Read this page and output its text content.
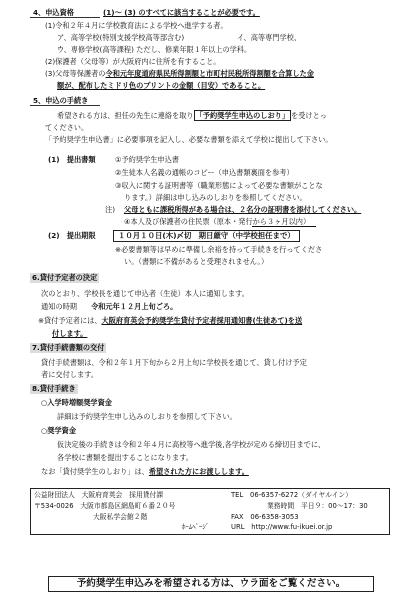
4、申込資格	(1)～ (3) のすべてに該当することが必要です。
(1)令和２年４月に学校教育法による学校へ進学する者。
ア、高等学校(特別支援学校高等部含む)	イ、高等専門学校、
ウ、専修学校(高等課程) ただし、修業年限１年以上の学科。
(2)保護者（父母等）が大阪府内に住所を有すること。
(3)父母等保護者の令和元年度道府県民所得割額と市町村民税所得割額を合算した金
額が、配布したミドリ色のプリントの金額（目安）であること。
5、申込の手続き
希望される方は、担任の先生に連絡を取り 「予約奨学生申込のしおり」 を受けとっ
てください。
「予約奨学生申込書」に必要事項を記入し、必要な書類を添えて学校に提出して下さい。
(1)　提出書類	①予約奨学生申込書
②生徒本人名義の通帳のコピー（申込書類裏面を参考）
③収入に関する証明書等（職業形態によって必要な書類がことな
ります。）詳細は申し込みのしおりを参照してください。
注) 父母ともに課税所得がある場合は、２名分の証明書を添付してください。
④本人及び保護者の住民票（原本・発行から３ヶ月以内）
(2)　提出期限	１０月１０日(木)〆切　期日厳守（中学校担任まで）
※必要書類等は早めに準備し余裕を持って手続きを行ってくださ
い。（書類に不備があると受理されません。）
6.貸付予定者の決定
次のとおり、学校長を通じて申込者（生徒）本人に通知します。
通知の時期 令和元年１２月上旬ごろ。
※貸付予定者には、大阪府育英会予約奨学生貸付予定者採用通知書(生徒あて)を送
付します。
7.貸付手続書類の交付
貸付手続書類は、令和２年１月下旬から２月上旬に学校長を通じて、貸し付け予定
者に交付します。
8.貸付手続き
○入学時増額奨学資金
詳細は予約奨学生申し込みのしおりを参照して下さい。
○奨学資金
仮決定後の手続きは令和２年４月に高校等へ進学後,各学校が定める締切日までに、
各学校に書類を提出することになります。
なお「貸付奨学生のしおり」は、希望された方にお渡しします。
公益財団法人　大阪府育英会　採用貸付課
〒534-0026　大阪市都島区網島町６番２０号
大阪私学会館２階
ﾎｰﾑﾍﾟｰｼﾞ
TEL　06-6357-6272（ダイヤルイン）
業務時間　平日９：00～17：30
FAX　06-6358-3053
URL　http://www.fu-ikuei.or.jp
予約奨学生申込みを希望される方は、ウラ面をご覧ください。
